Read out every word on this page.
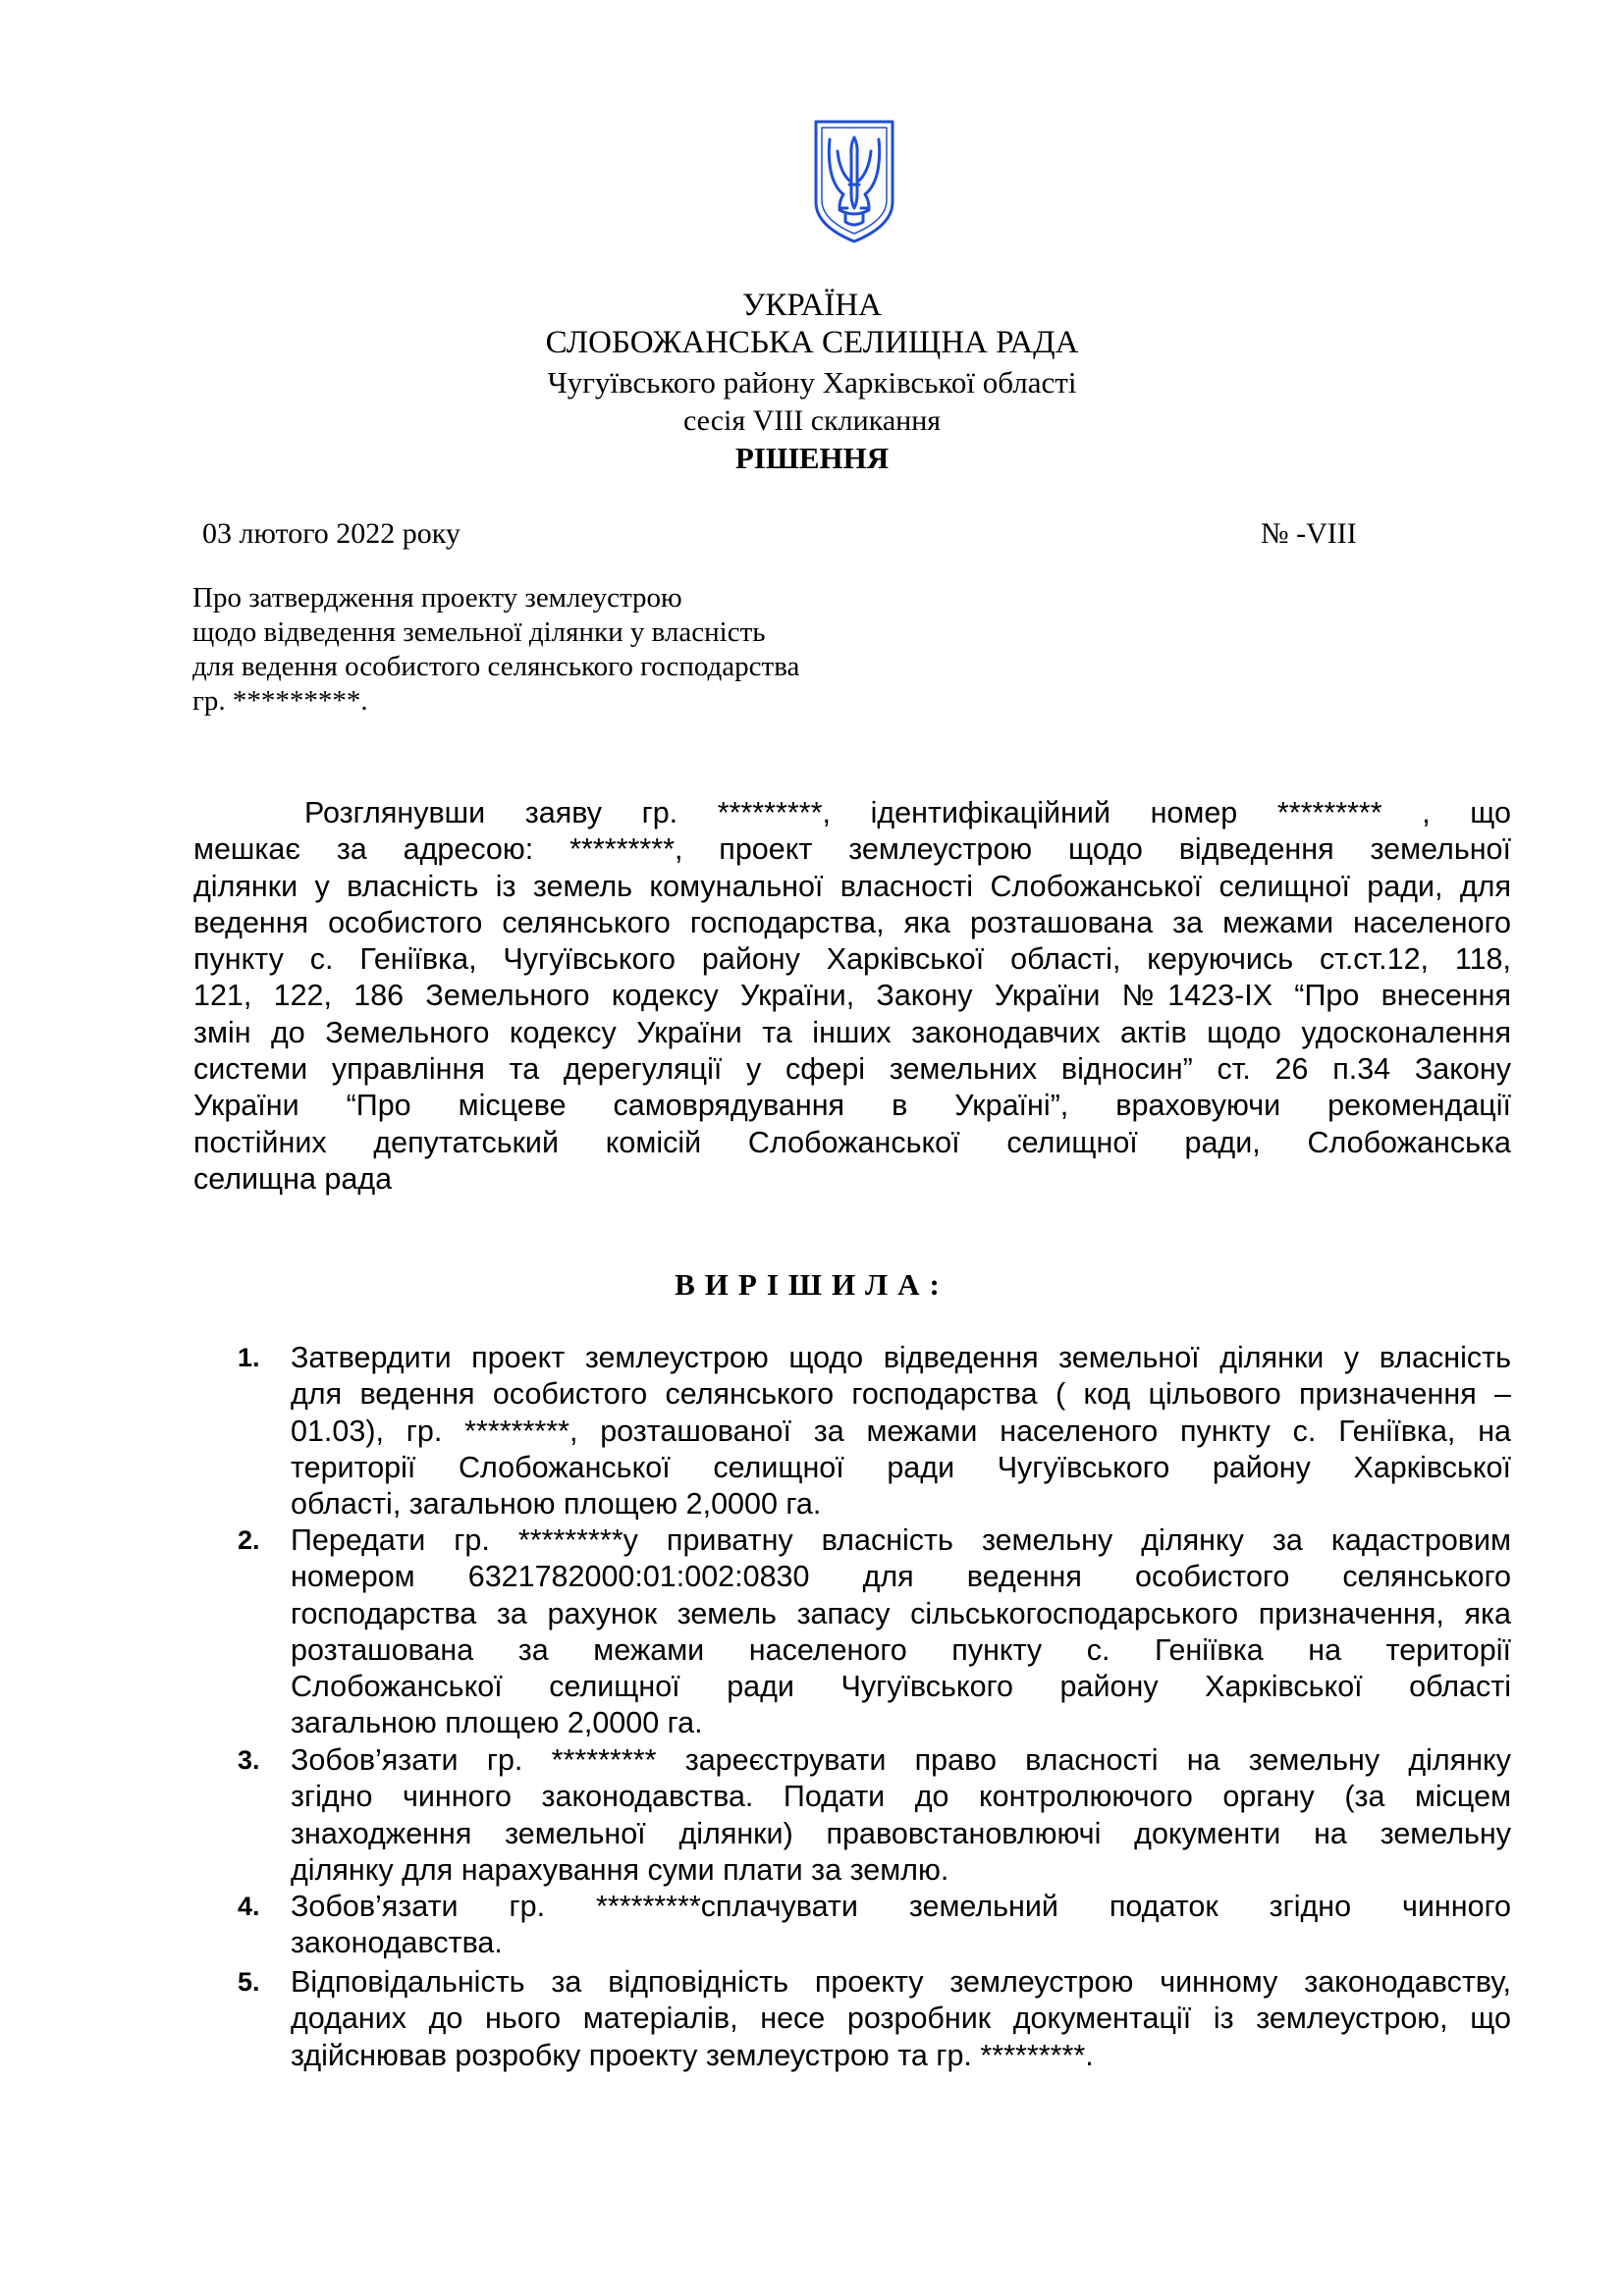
УКРАЇНА
СЛОБОЖАНСЬКА СЕЛИЩНА РАДА
Чугуївського району Харківської області
сесія VIII скликання
РІШЕННЯ
03 лютого 2022 року	№ -VIII
Про затвердження проекту землеустрою
щодо відведення земельної ділянки у власність
для ведення особистого селянського господарства
гр. *********.
Розглянувши заяву гр. *********, ідентифікаційний номер ********* , що
мешкає за адресою: *********, проект землеустрою щодо відведення земельної
ділянки у власність із земель комунальної власності Слобожанської селищної ради, для
ведення особистого селянського господарства, яка розташована за межами населеного
пункту с. Геніївка, Чугуївського району Харківської області, керуючись ст.ст.12, 118,
121, 122, 186 Земельного кодексу України, Закону України №1423-IX “Про внесення
змін до Земельного кодексу України та інших законодавчих актів щодо удосконалення
системи управління та дерегуляції у сфері земельних відносин” ст. 26 п.34 Закону
України “Про місцеве самоврядування в Україні”, враховуючи рекомендації
постійних депутатський комісій Слобожанської селищної ради, Слобожанська
селищна рада
ВИРІШИЛА:
1. Затвердити проект землеустрою щодо відведення земельної ділянки у власність
для ведення особистого селянського господарства ( код цільового призначення –
01.03), гр. *********, розташованої за межами населеного пункту с. Геніївка, на
території Слобожанської селищної ради Чугуївського району Харківської
області, загальною площею 2,0000 га.
2. Передати гр. *********у приватну власність земельну ділянку за кадастровим
номером 6321782000:01:002:0830 для ведення особистого селянського
господарства за рахунок земель запасу сільськогосподарського призначення, яка
розташована за межами населеного пункту с. Геніївка на території
Слобожанської селищної ради Чугуївського району Харківської області
загальною площею 2,0000 га.
3. Зобов’язати гр. ********* зареєструвати право власності на земельну ділянку
згідно чинного законодавства. Подати до контролюючого органу (за місцем
знаходження земельної ділянки) правовстановлюючі документи на земельну
ділянку для нарахування суми плати за землю.
4. Зобов’язати гр. *********сплачувати земельний податок згідно чинного
законодавства.
5. Відповідальність за відповідність проекту землеустрою чинному законодавству,
доданих до нього матеріалів, несе розробник документації із землеустрою, що
здійснював розробку проекту землеустрою та гр. *********.
